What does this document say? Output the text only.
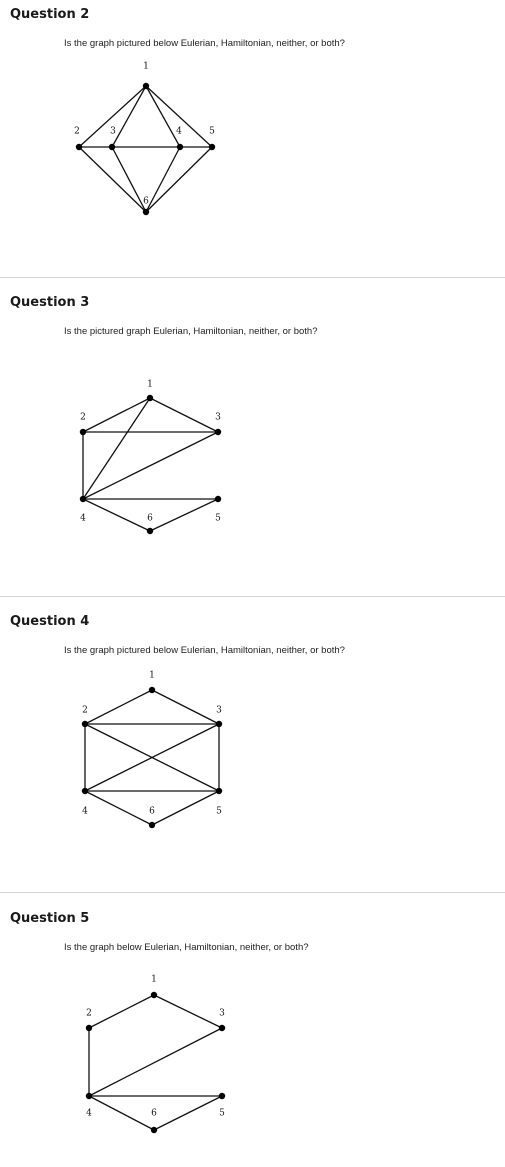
Question 2

Is the graph pictured below Eulerian, Hamiltonian, neither, or both?

1
2	3	4	5
6
Question 3

Is the pictured graph Eulerian, Hamiltonian, neither, or both?

1
2	3
4	5
6
Question 4

Is the graph pictured below Eulerian, Hamiltonian, neither, or both?

1
2	3
4	5
6
Question 5

Is the graph below Eulerian, Hamiltonian, neither, or both?

1
2	3
4	5
6
